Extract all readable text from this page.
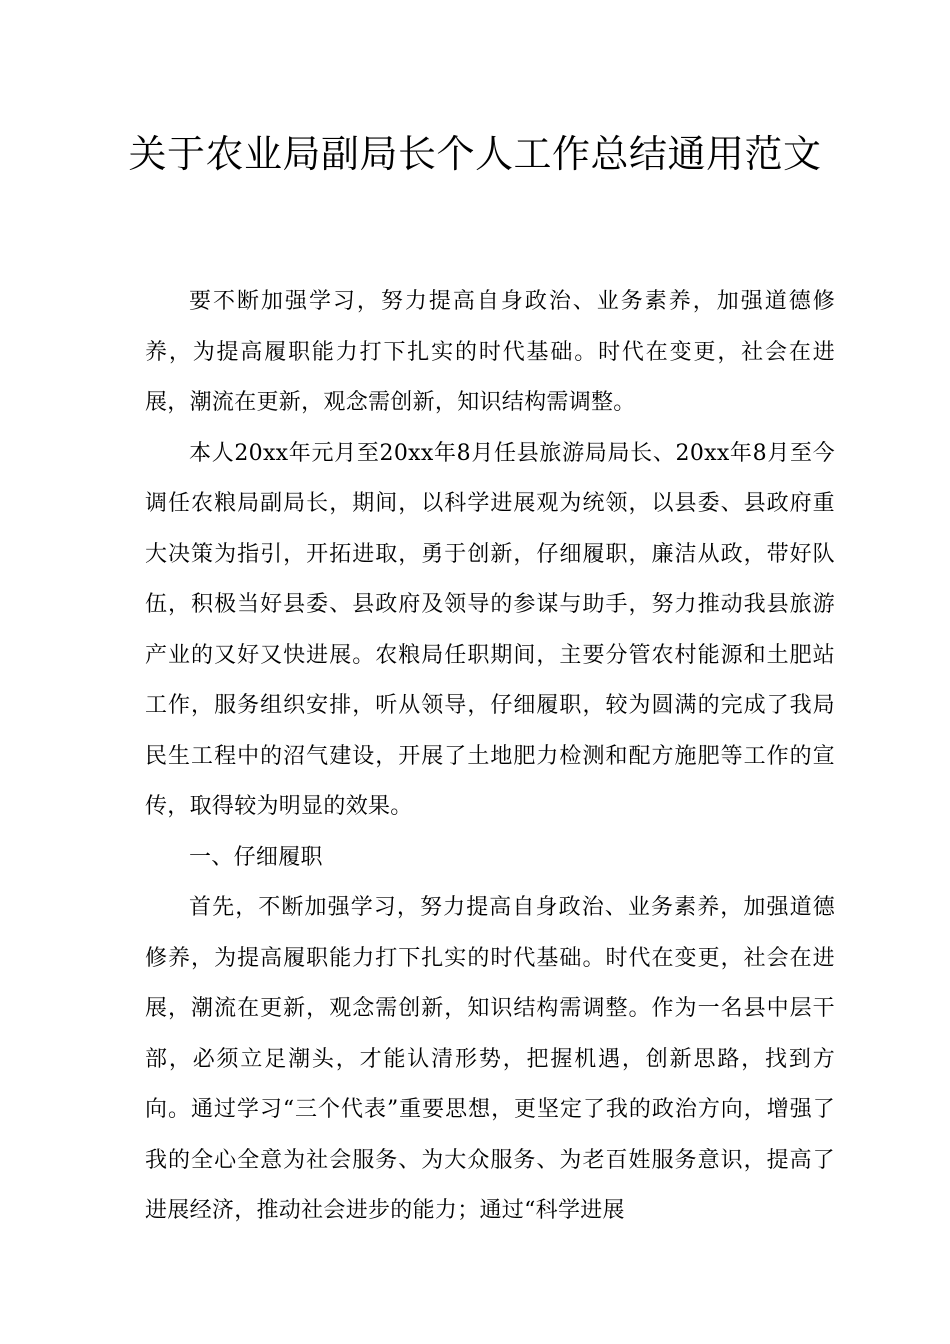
关于农业局副局长个人工作总结通用范文

要不断加强学习，努力提高自身政治、业务素养，加强道德修养，为提高履职能力打下扎实的时代基础。时代在变更，社会在进展，潮流在更新，观念需创新，知识结构需调整。

本人20xx年元月至20xx年8月任县旅游局局长、20xx年8月至今调任农粮局副局长，期间，以科学进展观为统领，以县委、县政府重大决策为指引，开拓进取，勇于创新，仔细履职，廉洁从政，带好队伍，积极当好县委、县政府及领导的参谋与助手，努力推动我县旅游产业的又好又快进展。农粮局任职期间，主要分管农村能源和土肥站工作，服务组织安排，听从领导，仔细履职，较为圆满的完成了我局民生工程中的沼气建设，开展了土地肥力检测和配方施肥等工作的宣传，取得较为明显的效果。

一、仔细履职

首先，不断加强学习，努力提高自身政治、业务素养，加强道德修养，为提高履职能力打下扎实的时代基础。时代在变更，社会在进展，潮流在更新，观念需创新，知识结构需调整。作为一名县中层干部，必须立足潮头，才能认清形势，把握机遇，创新思路，找到方向。通过学习“三个代表”重要思想，更坚定了我的政治方向，增强了我的全心全意为社会服务、为大众服务、为老百姓服务意识，提高了进展经济，推动社会进步的能力；通过“科学进展
